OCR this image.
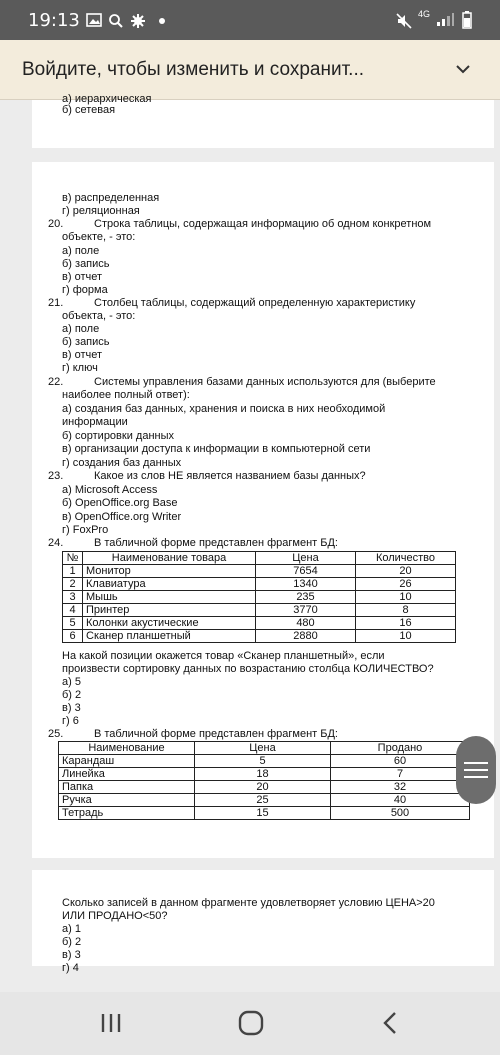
19:13	4G
Войдите, чтобы изменить и сохранит...
а) иерархическая
б) сетевая
в) распределенная
г) реляционная
20.	Строка таблицы, содержащая информацию об одном конкретном
объекте, - это:
а) поле
б) запись
в) отчет
г) форма
21.	Столбец таблицы, содержащий определенную характеристику
объекта, - это:
а) поле
б) запись
в) отчет
г) ключ
22.	Системы управления базами данных используются для (выберите
наиболее полный ответ):
а) создания баз данных, хранения и поиска в них необходимой
информации
б) сортировки данных
в) организации доступа к информации в компьютерной сети
г) создания баз данных
23.	Какое из слов НЕ является названием базы данных?
а) Microsoft Access
б) OpenOffice.org Base
в) OpenOffice.org Writer
г) FoxPro
24.	В табличной форме представлен фрагмент БД:
№	Наименование товара	Цена	Количество
1	Монитор	7654	20
2	Клавиатура	1340	26
3	Мышь	235	10
4	Принтер	3770	8
5	Колонки акустические	480	16
6	Сканер планшетный	2880	10
На какой позиции окажется товар «Сканер планшетный», если
произвести сортировку данных по возрастанию столбца КОЛИЧЕСТВО?
а) 5
б) 2
в) 3
г) 6
25.	В табличной форме представлен фрагмент БД:
Наименование	Цена	Продано
Карандаш	5	60
Линейка	18	7
Папка	20	32
Ручка	25	40
Тетрадь	15	500
Сколько записей в данном фрагменте удовлетворяет условию ЦЕНА>20
ИЛИ ПРОДАНО<50?
а) 1
б) 2
в) 3
г) 4
